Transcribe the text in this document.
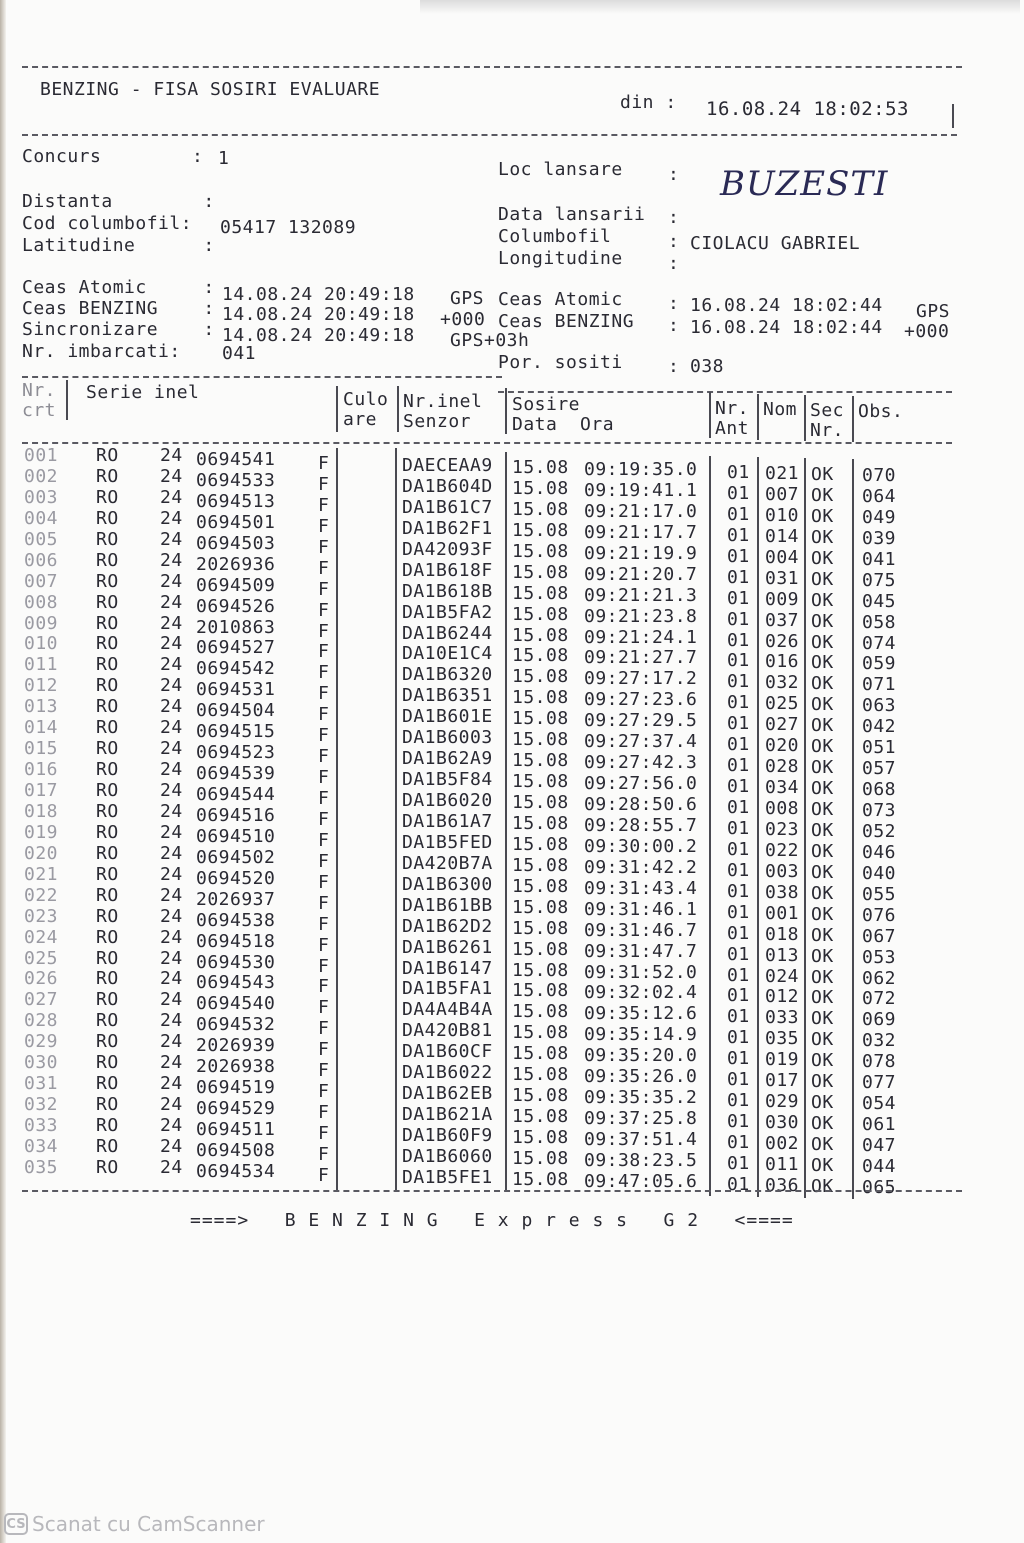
BENZING - FISA SOSIRI EVALUARE
din : 16.08.24 18:02:53
Concurs        : 1
Distanta        :
Cod columbofil: 05417 132089
Latitudine      :
Ceas Atomic     : 14.08.24 20:49:18 GPS
Ceas BENZING    : 14.08.24 20:49:18 +000
Sincronizare    : 14.08.24 20:49:18 GPS+03h
Nr. imbarcati: 041
Loc lansare	: BUZESTI
Data lansarii :
Columbofil	: CIOLACU GABRIEL
Longitudine	:
Ceas Atomic	: 16.08.24 18:02:44 GPS
Ceas BENZING : 16.08.24 18:02:44 +000
Por. sositi	: 038
Nr.
crt
Serie inel	Culo
are
Nr.inel
Senzor
Sosire
Data  Ora
Nr.
Ant
Nom Sec
Nr.
Obs.
001 RO 24 0694541 F	DAECEAA9 15.08 09:19:35.0 01 021 OK 070
002 RO 24 0694533 F	DA1B604D 15.08 09:19:41.1 01 007 OK 064
003 RO 24 0694513 F	DA1B61C7 15.08 09:21:17.0 01 010 OK 049
004 RO 24 0694501 F	DA1B62F1 15.08 09:21:17.7 01 014 OK 039
005 RO 24 0694503 F	DA42093F 15.08 09:21:19.9 01 004 OK 041
006 RO 24 2026936 F	DA1B618F 15.08 09:21:20.7 01 031 OK 075
007 RO 24 0694509 F	DA1B618B 15.08 09:21:21.3 01 009 OK 045
008 RO 24 0694526 F	DA1B5FA2 15.08 09:21:23.8 01 037 OK 058
009 RO 24 2010863 F	DA1B6244 15.08 09:21:24.1 01 026 OK 074
010 RO 24 0694527 F	DA10E1C4 15.08 09:21:27.7 01 016 OK 059
011 RO 24 0694542 F	DA1B6320 15.08 09:27:17.2 01 032 OK 071
012 RO 24 0694531 F	DA1B6351 15.08 09:27:23.6 01 025 OK 063
013 RO 24 0694504 F	DA1B601E 15.08 09:27:29.5 01 027 OK 042
014 RO 24 0694515 F	DA1B6003 15.08 09:27:37.4 01 020 OK 051
015 RO 24 0694523 F	DA1B62A9 15.08 09:27:42.3 01 028 OK 057
016 RO 24 0694539 F	DA1B5F84 15.08 09:27:56.0 01 034 OK 068
017 RO 24 0694544 F	DA1B6020 15.08 09:28:50.6 01 008 OK 073
018 RO 24 0694516 F	DA1B61A7 15.08 09:28:55.7 01 023 OK 052
019 RO 24 0694510 F	DA1B5FED 15.08 09:30:00.2 01 022 OK 046
020 RO 24 0694502 F	DA420B7A 15.08 09:31:42.2 01 003 OK 040
021 RO 24 0694520 F	DA1B6300 15.08 09:31:43.4 01 038 OK 055
022 RO 24 2026937 F	DA1B61BB 15.08 09:31:46.1 01 001 OK 076
023 RO 24 0694538 F	DA1B62D2 15.08 09:31:46.7 01 018 OK 067
024 RO 24 0694518 F	DA1B6261 15.08 09:31:47.7 01 013 OK 053
025 RO 24 0694530 F	DA1B6147 15.08 09:31:52.0 01 024 OK 062
026 RO 24 0694543 F	DA1B5FA1 15.08 09:32:02.4 01 012 OK 072
027 RO 24 0694540 F	DA4A4B4A 15.08 09:35:12.6 01 033 OK 069
028 RO 24 0694532 F	DA420B81 15.08 09:35:14.9 01 035 OK 032
029 RO 24 2026939 F	DA1B60CF 15.08 09:35:20.0 01 019 OK 078
030 RO 24 2026938 F	DA1B6022 15.08 09:35:26.0 01 017 OK 077
031 RO 24 0694519 F	DA1B62EB 15.08 09:35:35.2 01 029 OK 054
032 RO 24 0694529 F	DA1B621A 15.08 09:37:25.8 01 030 OK 061
033 RO 24 0694511 F	DA1B60F9 15.08 09:37:51.4 01 002 OK 047
034 RO 24 0694508 F	DA1B6060 15.08 09:38:23.5 01 011 OK 044
035 RO 24 0694534 F	DA1B5FE1 15.08 09:47:05.6 01 036 OK 065
====> B E N Z I N G E x p r e s s G 2 <====
CS Scanat cu CamScanner
